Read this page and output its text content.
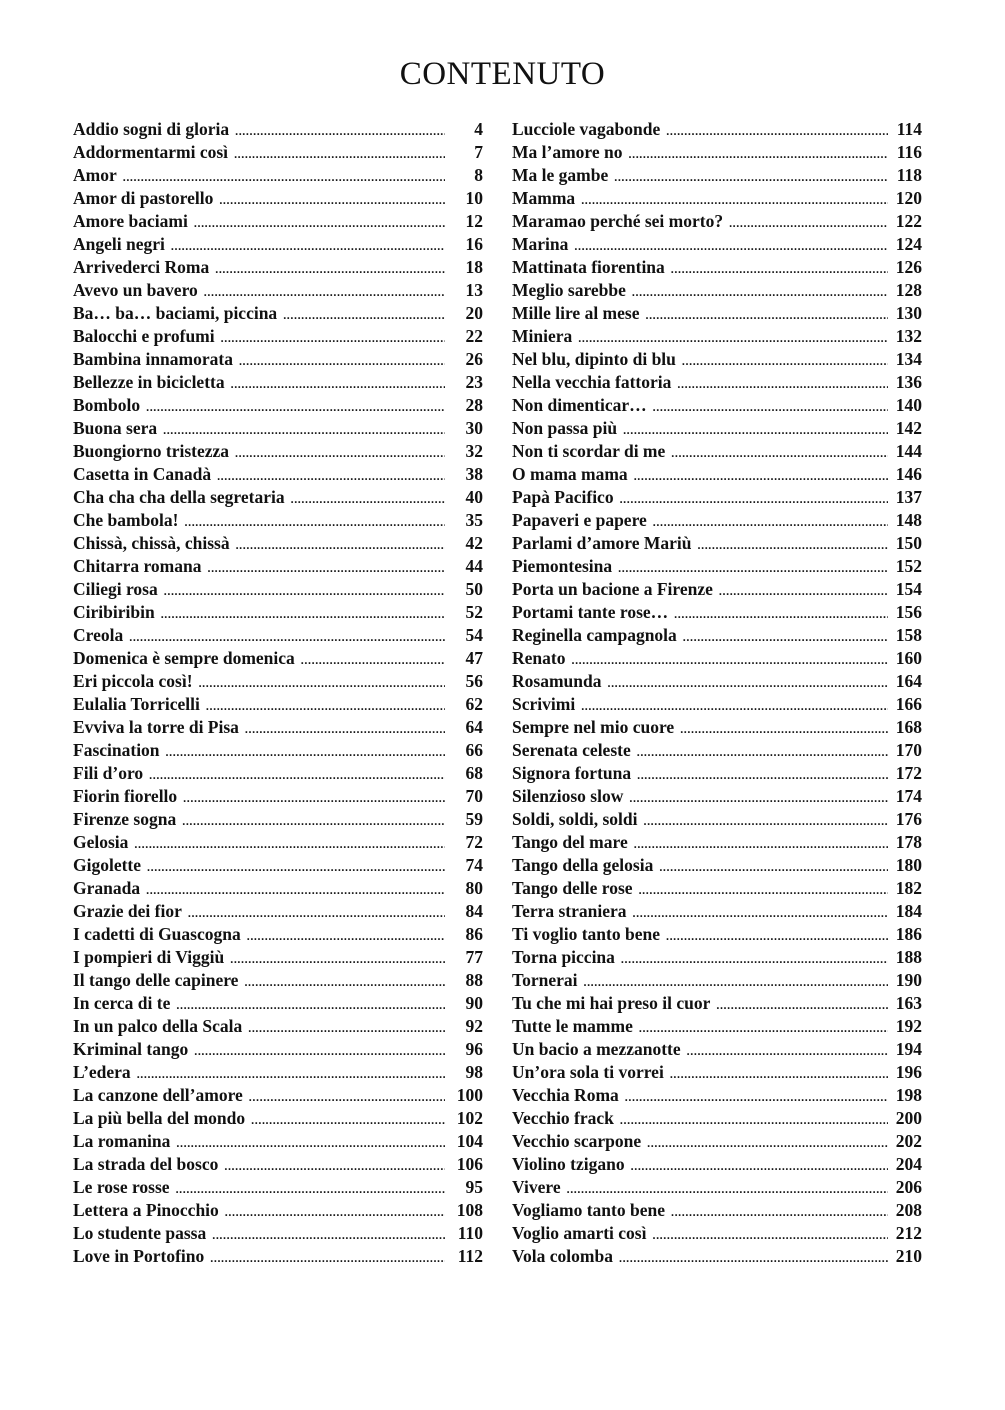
CONTENUTO
Addio sogni di gloria .....	4
Addormentarmi così .....	7
Amor .....	8
Amor di pastorello .....	10
Amore baciami .....	12
Angeli negri .....	16
Arrivederci Roma .....	18
Avevo un bavero .....	13
Ba… ba… baciami, piccina .....	20
Balocchi e profumi .....	22
Bambina innamorata .....	26
Bellezze in bicicletta .....	23
Bombolo .....	28
Buona sera .....	30
Buongiorno tristezza .....	32
Casetta in Canadà .....	38
Cha cha cha della segretaria .....	40
Che bambola! .....	35
Chissà, chissà, chissà .....	42
Chitarra romana .....	44
Ciliegi rosa .....	50
Ciribiribin .....	52
Creola .....	54
Domenica è sempre domenica .....	47
Eri piccola così! .....	56
Eulalia Torricelli .....	62
Evviva la torre di Pisa .....	64
Fascination .....	66
Fili d’oro .....	68
Fiorin fiorello .....	70
Firenze sogna .....	59
Gelosia .....	72
Gigolette .....	74
Granada .....	80
Grazie dei fior .....	84
I cadetti di Guascogna .....	86
I pompieri di Viggiù .....	77
Il tango delle capinere .....	88
In cerca di te .....	90
In un palco della Scala .....	92
Kriminal tango .....	96
L’edera .....	98
La canzone dell’amore .....	100
La più bella del mondo .....	102
La romanina .....	104
La strada del bosco .....	106
Le rose rosse .....	95
Lettera a Pinocchio .....	108
Lo studente passa .....	110
Love in Portofino .....	112
Lucciole vagabonde .....	114
Ma l’amore no .....	116
Ma le gambe .....	118
Mamma .....	120
Maramao perché sei morto? .....	122
Marina .....	124
Mattinata fiorentina .....	126
Meglio sarebbe .....	128
Mille lire al mese .....	130
Miniera .....	132
Nel blu, dipinto di blu .....	134
Nella vecchia fattoria .....	136
Non dimenticar… .....	140
Non passa più .....	142
Non ti scordar di me .....	144
O mama mama .....	146
Papà Pacifico .....	137
Papaveri e papere .....	148
Parlami d’amore Mariù .....	150
Piemontesina .....	152
Porta un bacione a Firenze .....	154
Portami tante rose… .....	156
Reginella campagnola .....	158
Renato .....	160
Rosamunda .....	164
Scrivimi .....	166
Sempre nel mio cuore .....	168
Serenata celeste .....	170
Signora fortuna .....	172
Silenzioso slow .....	174
Soldi, soldi, soldi .....	176
Tango del mare .....	178
Tango della gelosia .....	180
Tango delle rose .....	182
Terra straniera .....	184
Ti voglio tanto bene .....	186
Torna piccina .....	188
Tornerai .....	190
Tu che mi hai preso il cuor .....	163
Tutte le mamme .....	192
Un bacio a mezzanotte .....	194
Un’ora sola ti vorrei .....	196
Vecchia Roma .....	198
Vecchio frack .....	200
Vecchio scarpone .....	202
Violino tzigano .....	204
Vivere .....	206
Vogliamo tanto bene .....	208
Voglio amarti così .....	212
Vola colomba .....	210
